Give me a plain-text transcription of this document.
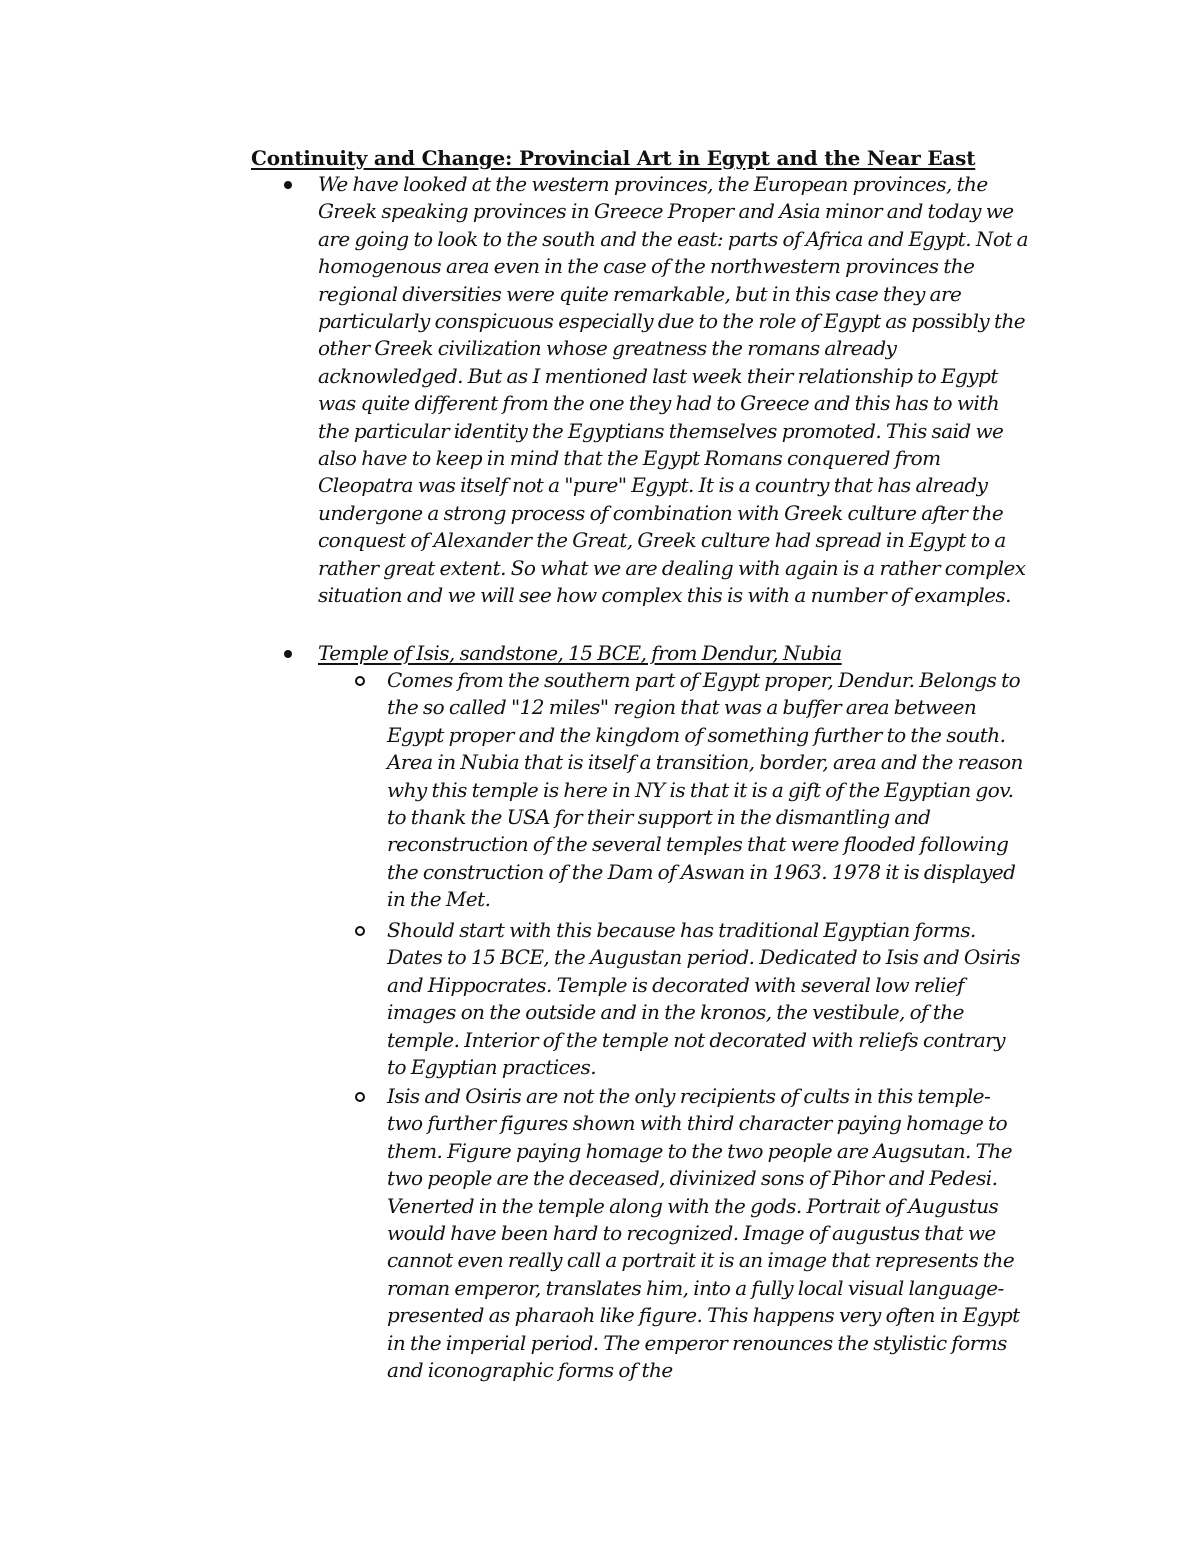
Continuity and Change: Provincial Art in Egypt and the Near East

We have looked at the western provinces, the European provinces, the Greek speaking provinces in Greece Proper and Asia minor and today we are going to look to the south and the east: parts of Africa and Egypt. Not a homogenous area even in the case of the northwestern provinces the regional diversities were quite remarkable, but in this case they are particularly conspicuous especially due to the role of Egypt as possibly the other Greek civilization whose greatness the romans already acknowledged. But as I mentioned last week their relationship to Egypt was quite different from the one they had to Greece and this has to with the particular identity the Egyptians themselves promoted. This said we also have to keep in mind that the Egypt Romans conquered from Cleopatra was itself not a "pure" Egypt. It is a country that has already undergone a strong process of combination with Greek culture after the conquest of Alexander the Great, Greek culture had spread in Egypt to a rather great extent. So what we are dealing with again is a rather complex situation and we will see how complex this is with a number of examples.

Temple of Isis, sandstone, 15 BCE, from Dendur, Nubia

Comes from the southern part of Egypt proper, Dendur. Belongs to the so called "12 miles" region that was a buffer area between Egypt proper and the kingdom of something further to the south. Area in Nubia that is itself a transition, border, area and the reason why this temple is here in NY is that it is a gift of the Egyptian gov. to thank the USA for their support in the dismantling and reconstruction of the several temples that were flooded following the construction of the Dam of Aswan in 1963. 1978 it is displayed in the Met.

Should start with this because has traditional Egyptian forms. Dates to 15 BCE, the Augustan period. Dedicated to Isis and Osiris and Hippocrates. Temple is decorated with several low relief images on the outside and in the kronos, the vestibule, of the temple. Interior of the temple not decorated with reliefs contrary to Egyptian practices.

Isis and Osiris are not the only recipients of cults in this temple- two further figures shown with third character paying homage to them. Figure paying homage to the two people are Augsutan. The two people are the deceased, divinized sons of Pihor and Pedesi. Venerted in the temple along with the gods. Portrait of Augustus would have been hard to recognized. Image of augustus that we cannot even really call a portrait it is an image that represents the roman emperor, translates him, into a fully local visual language-presented as pharaoh like figure. This happens very often in Egypt in the imperial period. The emperor renounces the stylistic forms and iconographic forms of the
